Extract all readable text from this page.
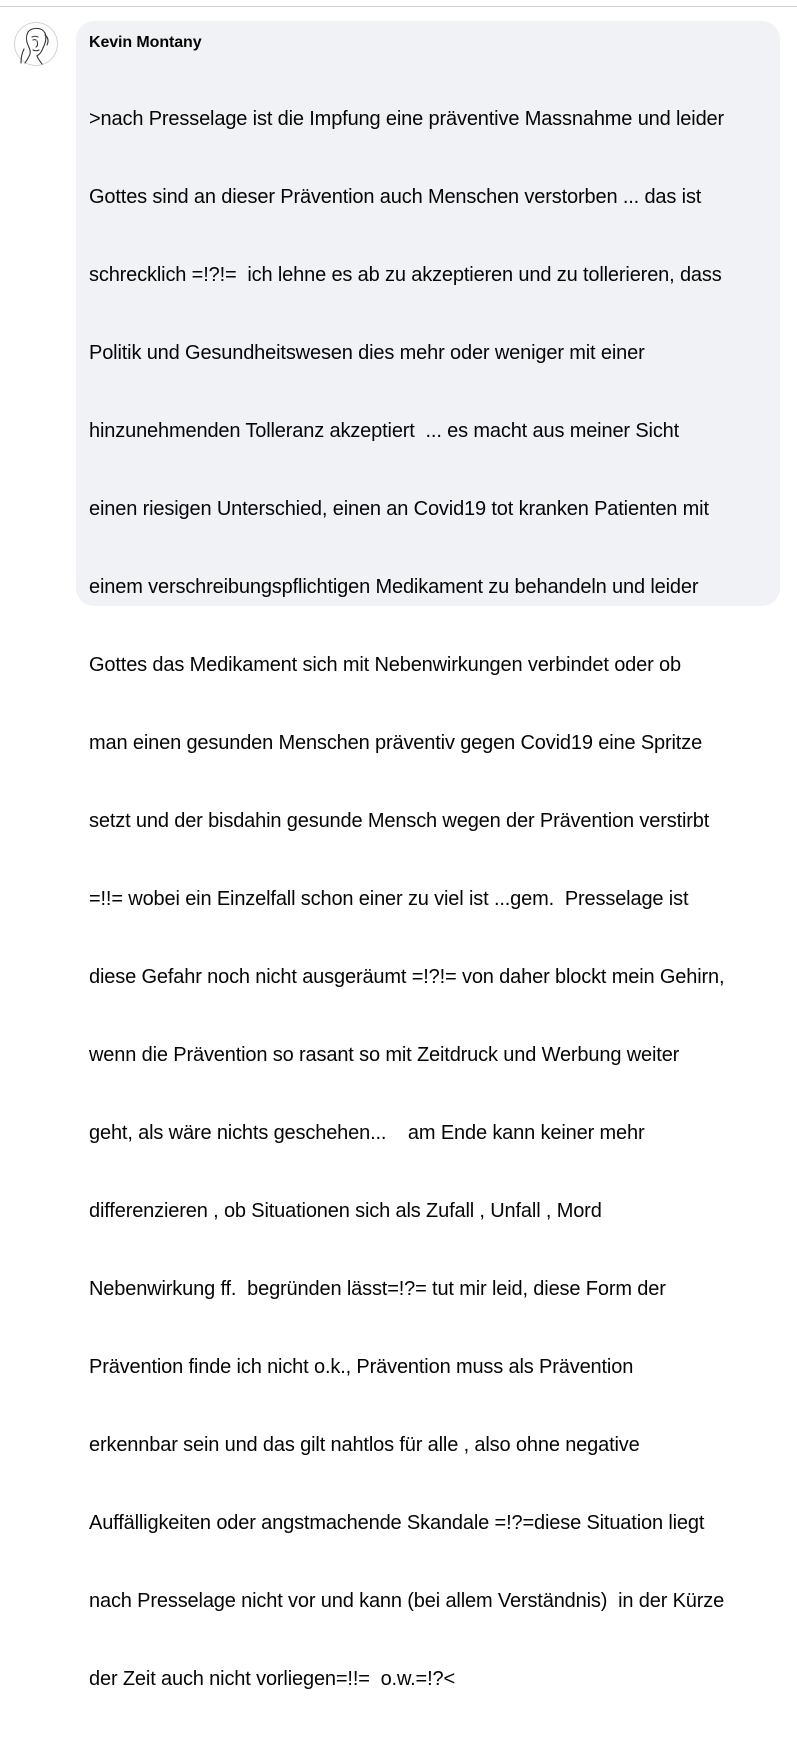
Kevin Montany

>nach Presselage ist die Impfung eine präventive Massnahme und leider

Gottes sind an dieser Prävention auch Menschen verstorben ... das ist

schrecklich =!?!=  ich lehne es ab zu akzeptieren und zu tollerieren, dass

Politik und Gesundheitswesen dies mehr oder weniger mit einer

hinzunehmenden Tolleranz akzeptiert  ... es macht aus meiner Sicht

einen riesigen Unterschied, einen an Covid19 tot kranken Patienten mit

einem verschreibungspflichtigen Medikament zu behandeln und leider

Gottes das Medikament sich mit Nebenwirkungen verbindet oder ob

man einen gesunden Menschen präventiv gegen Covid19 eine Spritze

setzt und der bisdahin gesunde Mensch wegen der Prävention verstirbt

=!!= wobei ein Einzelfall schon einer zu viel ist ...gem.  Presselage ist

diese Gefahr noch nicht ausgeräumt =!?!= von daher blockt mein Gehirn,

wenn die Prävention so rasant so mit Zeitdruck und Werbung weiter

geht, als wäre nichts geschehen...    am Ende kann keiner mehr

differenzieren , ob Situationen sich als Zufall , Unfall , Mord

Nebenwirkung ff.  begründen lässt=!?= tut mir leid, diese Form der

Prävention finde ich nicht o.k., Prävention muss als Prävention

erkennbar sein und das gilt nahtlos für alle , also ohne negative

Auffälligkeiten oder angstmachende Skandale =!?=diese Situation liegt

nach Presselage nicht vor und kann (bei allem Verständnis)  in der Kürze

der Zeit auch nicht vorliegen=!!=  o.w.=!?<
